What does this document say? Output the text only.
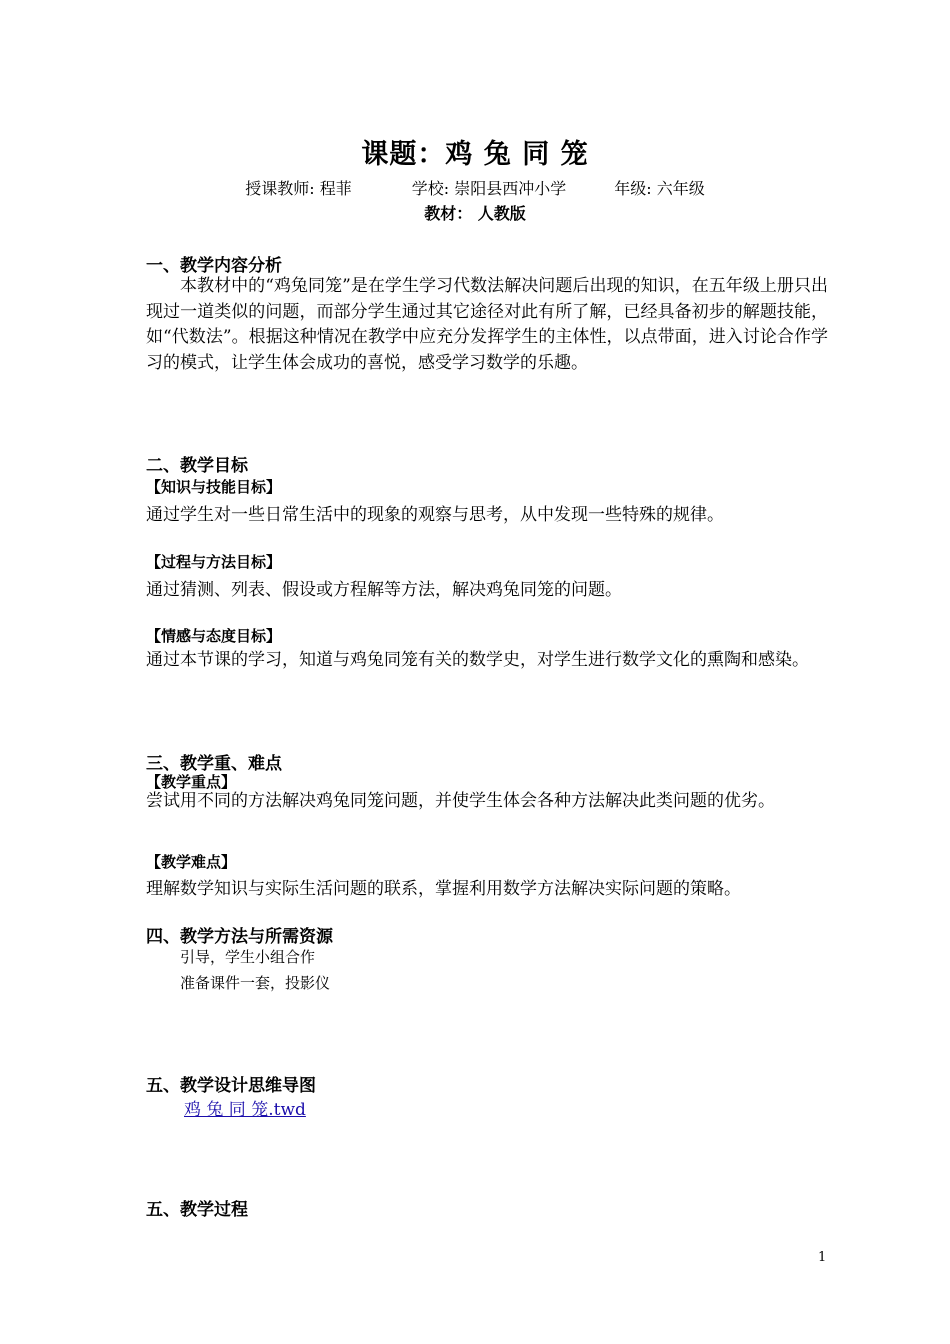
课题：鸡 兔 同 笼
授课教师: 程菲	学校: 崇阳县西冲小学	年级: 六年级
教材： 人教版
一、教学内容分析
本教材中的“鸡兔同笼”是在学生学习代数法解决问题后出现的知识，在五年级上册只出现过一道类似的问题，而部分学生通过其它途径对此有所了解，已经具备初步的解题技能，如“代数法”。根据这种情况在教学中应充分发挥学生的主体性，以点带面，进入讨论合作学习的模式，让学生体会成功的喜悦，感受学习数学的乐趣。
二、教学目标
【知识与技能目标】
通过学生对一些日常生活中的现象的观察与思考，从中发现一些特殊的规律。
【过程与方法目标】
通过猜测、列表、假设或方程解等方法，解决鸡兔同笼的问题。
【情感与态度目标】
通过本节课的学习，知道与鸡兔同笼有关的数学史，对学生进行数学文化的熏陶和感染。
三、教学重、难点
【教学重点】
尝试用不同的方法解决鸡兔同笼问题，并使学生体会各种方法解决此类问题的优劣。
【教学难点】
理解数学知识与实际生活问题的联系，掌握利用数学方法解决实际问题的策略。
四、教学方法与所需资源
引导，学生小组合作
准备课件一套，投影仪
五、教学设计思维导图
鸡 兔 同 笼.twd
五、教学过程
1
